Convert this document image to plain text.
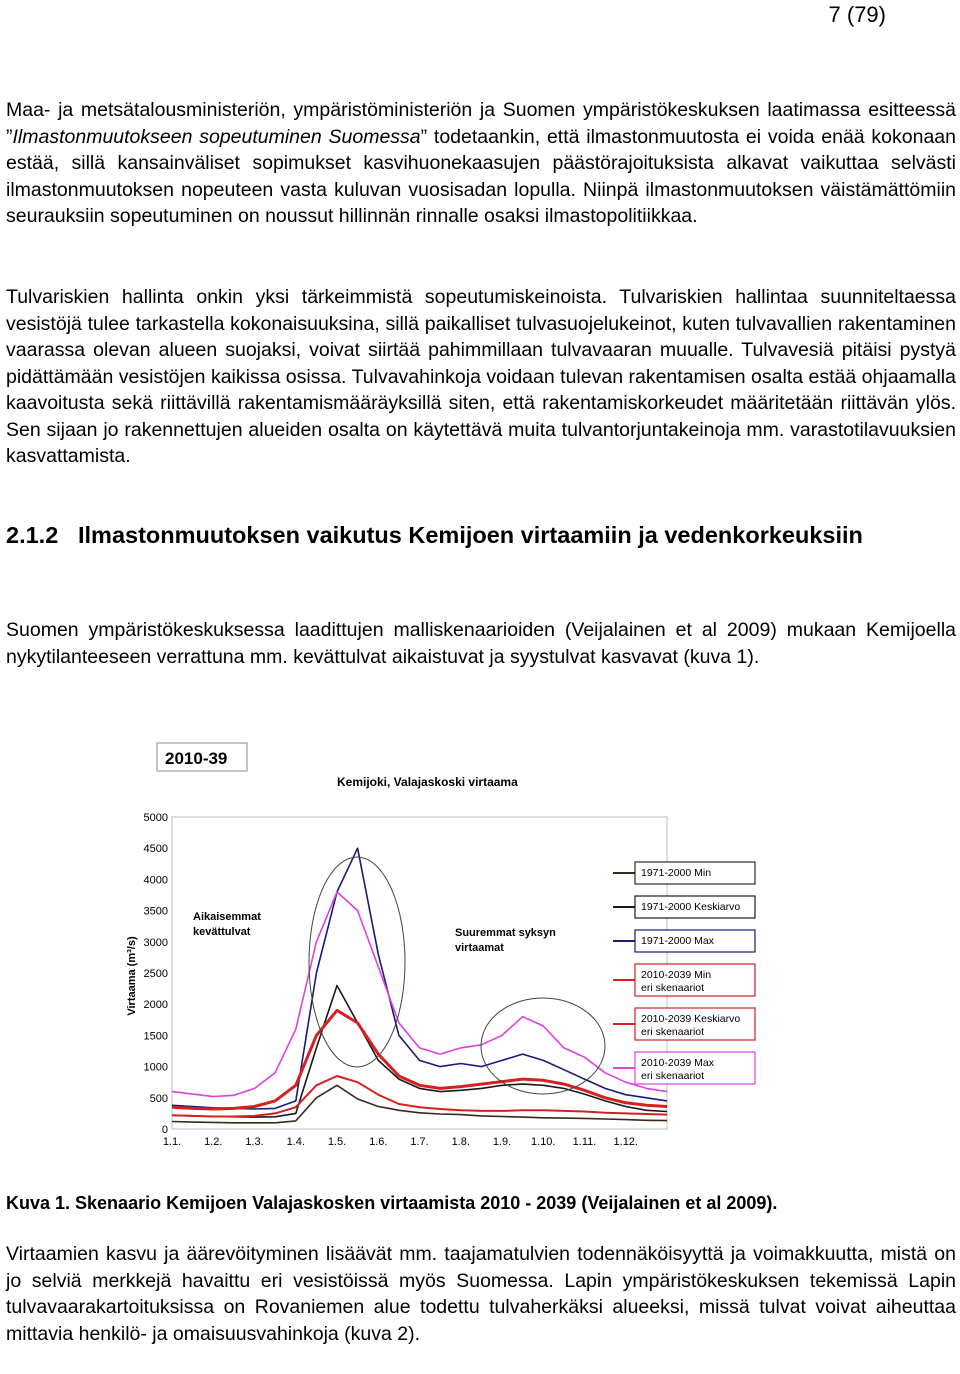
7 (79)

Maa- ja metsätalousministeriön, ympäristöministeriön ja Suomen ympäristökeskuksen laatimassa esitteessä ”Ilmastonmuutokseen sopeutuminen Suomessa” todetaankin, että ilmastonmuutosta ei voida enää kokonaan estää, sillä kansainväliset sopimukset kasvihuonekaasujen päästörajoituksista alkavat vaikuttaa selvästi ilmastonmuutoksen nopeuteen vasta kuluvan vuosisadan lopulla. Niinpä ilmastonmuutoksen väistämättömiin seurauksiin sopeutuminen on noussut hillinnän rinnalle osaksi ilmastopolitiikkaa.

Tulvariskien hallinta onkin yksi tärkeimmistä sopeutumiskeinoista. Tulvariskien hallintaa suunniteltaessa vesistöjä tulee tarkastella kokonaisuuksina, sillä paikalliset tulvasuojelukeinot, kuten tulvavallien rakentaminen vaarassa olevan alueen suojaksi, voivat siirtää pahimmillaan tulvavaaran muualle. Tulvavesiä pitäisi pystyä pidättämään vesistöjen kaikissa osissa. Tulvavahinkoja voidaan tulevan rakentamisen osalta estää ohjaamalla kaavoitusta sekä riittävillä rakentamismääräyksillä siten, että rakentamiskorkeudet määritetään riittävän ylös. Sen sijaan jo rakennettujen alueiden osalta on käytettävä muita tulvantorjuntakeinoja mm. varastotilavuuksien kasvattamista.

2.1.2 Ilmastonmuutoksen vaikutus Kemijoen virtaamiin ja vedenkorkeuksiin

Suomen ympäristökeskuksessa laadittujen malliskenaarioiden (Veijalainen et al 2009) mukaan Kemijoella nykytilanteeseen verrattuna mm. kevättulvat aikaistuvat ja syystulvat kasvavat (kuva 1).

2010-39
Kemijoki, Valajaskoski virtaama
Virtaama (m³/s)
0
500
1000
1500
2000
2500
3000
3500
4000
4500
5000
1.1. 1.2. 1.3. 1.4. 1.5. 1.6. 1.7. 1.8. 1.9. 1.10. 1.11. 1.12.
Aikaisemmat
kevättulvat	Suuremmat syksyn
virtaamat
1971-2000 Min
1971-2000 Keskiarvo
1971-2000 Max
2010-2039 Min
eri skenaariot
2010-2039 Keskiarvo
eri skenaariot
2010-2039 Max
eri skenaariot
Kuva 1. Skenaario Kemijoen Valajaskosken virtaamista 2010 - 2039 (Veijalainen et al 2009).

Virtaamien kasvu ja äärevöityminen lisäävät mm. taajamatulvien todennäköisyyttä ja voimakkuutta, mistä on jo selviä merkkejä havaittu eri vesistöissä myös Suomessa. Lapin ympäristökeskuksen tekemissä Lapin tulvavaarakartoituksissa on Rovaniemen alue todettu tulvaherkäksi alueeksi, missä tulvat voivat aiheuttaa mittavia henkilö- ja omaisuusvahinkoja (kuva 2).
